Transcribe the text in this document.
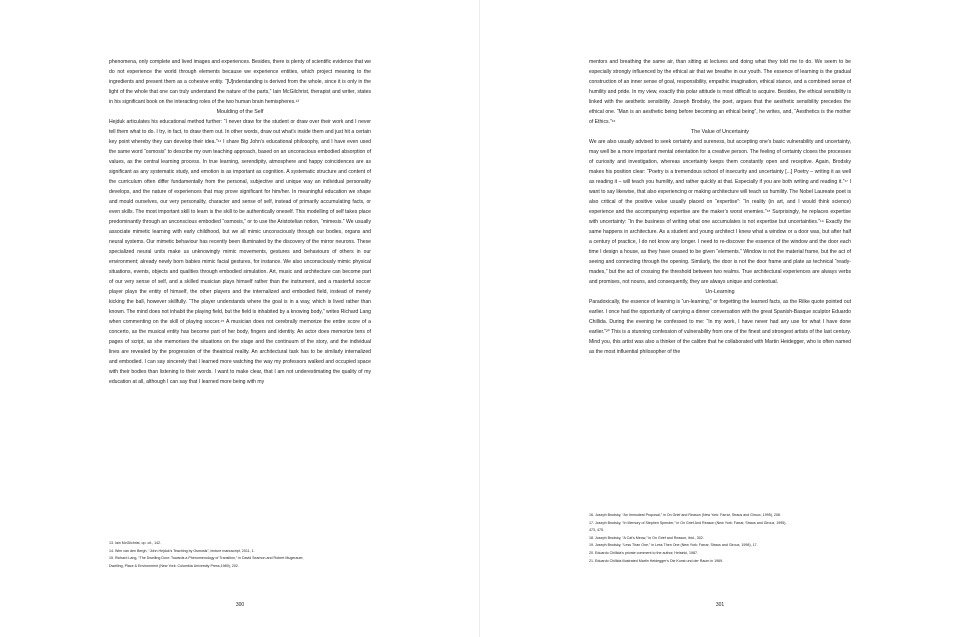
phenomena, only complete and lived images and experiences. Besides, there is plenty of scientific evidence that we do not experience the world through elements because we experience entities, which project meaning to the ingredients and present them as a cohesive entity. “[U]nderstanding is derived from the whole, since it is only in the light of the whole that one can truly understand the nature of the parts,” Iain McGilchrist, therapist and writer, states in his significant book on the interacting roles of the two human brain hemispheres.¹³

Moulding of the Self

Hejduk articulates his educational method further: “I never draw for the student or draw over their work and I never tell them what to do. I try, in fact, to draw them out. In other words, draw out what’s inside them and just hit a certain key point whereby they can develop their idea.”¹⁴ I share Big John’s educational philosophy, and I have even used the same word “osmosis” to describe my own teaching approach, based on an unconscious embodied absorption of values, as the central learning process. In true learning, serendipity, atmosphere and happy coincidences are as significant as any systematic study, and emotion is as important as cognition. A systematic structure and content of the curriculum often differ fundamentally from the personal, subjective and unique way an individual personality develops, and the nature of experiences that may prove significant for him/her. In meaningful education we shape and mould ourselves, our very personality, character and sense of self, instead of primarily accumulating facts, or even skills. The most important skill to learn is the skill to be authentically oneself. This modelling of self takes place predominantly through an unconscious embodied “osmosis,” or to use the Aristotelian notion, “mimesis.” We usually associate mimetic learning with early childhood, but we all mimic unconsciously through our bodies, organs and neural systems. Our mimetic behaviour has recently been illuminated by the discovery of the mirror neurons. These specialized neural units make us unknowingly mimic movements, gestures and behaviours of others in our environment; already newly born babies mimic facial gestures, for instance. We also unconsciously mimic physical situations, events, objects and qualities through embodied simulation. Art, music and architecture can become part of our very sense of self, and a skilled musician plays himself rather than the instrument, and a masterful soccer player plays the entity of himself, the other players and the internalized and embodied field, instead of merely kicking the ball, however skillfully. “The player understands where the goal is in a way, which is lived rather than known. The mind does not inhabit the playing field, but the field is inhabited by a knowing body,” writes Richard Lang when commenting on the skill of playing soccer.¹⁵ A musician does not cerebrally memorize the entire score of a concerto, as the musical entity has become part of her body, fingers and identity. An actor does memorize tens of pages of script, as she memorises the situations on the stage and the continuum of the story, and the individual lines are revealed by the progression of the theatrical reality. An architectural task has to be similarly internalized and embodied. I can say sincerely that I learned more watching the way my professors walked and occupied space with their bodies than listening to their words. I want to make clear, that I am not underestimating the quality of my education at all, although I can say that I learned more being with my

13. Iain McGilchrist, op. cit., 142.
14. Wim van den Bergh, “John Hejduk’s Teaching by Osmosis”, lecture manuscript, 2011, 1.
15. Richard Lang, “The Dwelling Door: Towards a Phenomenology of Transition,” in David Seamon and Robert Mugerauer,
Dwelling, Place & Environment (New York: Columbia University Press,1989), 202.
300

mentors and breathing the same air, than sitting at lectures and doing what they told me to do. We seem to be especially strongly influenced by the ethical air that we breathe in our youth. The essence of learning is the gradual construction of an inner sense of goal, responsibility, empathic imagination, ethical stance, and a combined sense of humility and pride. In my view, exactly this polar attitude is most difficult to acquire. Besides, the ethical sensibility is linked with the aesthetic sensibility. Joseph Brodsky, the poet, argues that the aesthetic sensibility precedes the ethical one. “Man is an aesthetic being before becoming an ethical being”, he writes, and, “Aesthetics is the mother of Ethics.”¹⁶

The Value of Uncertainty

We are also usually advised to seek certainty and sureness, but accepting one’s basic vulnerability and uncertainty, may well be a more important mental orientation for a creative person. The feeling of certainty closes the processes of curiosity and investigation, whereas uncertainty keeps them constantly open and receptive. Again, Brodsky makes his position clear: “Poetry is a tremendous school of insecurity and uncertainty [...] Poetry – writing it as well as reading it – will teach you humility, and rather quickly at that. Especially if you are both writing and reading it.”¹⁷ I want to say likewise, that also experiencing or making architecture will teach us humility. The Nobel Laureate poet is also critical of the positive value usually placed on “expertise”: “In reality (in art, and I would think science) experience and the accompanying expertise are the maker’s worst enemies.”¹⁸ Surprisingly, he replaces expertise with uncertainty: “In the business of writing what one accumulates is not expertise but uncertainties.”¹⁹ Exactly the same happens in architecture. As a student and young architect I knew what a window or a door was, but after half a century of practice, I do not know any longer. I need to re-discover the essence of the window and the door each time I design a house, as they have ceased to be given “elements.” Window is not the material frame, but the act of seeing and connecting through the opening. Similarly, the door is not the door frame and plate as technical “ready-mades,” but the act of crossing the threshold between two realms. True architectural experiences are always verbs and promises, not nouns, and consequently, they are always unique and contextual.

Un-Learning

Paradoxically, the essence of learning is “un-learning,” or forgetting the learned facts, as the Rilke quote pointed out earlier. I once had the opportunity of carrying a dinner conversation with the great Spanish-Basque sculptor Eduardo Chillida. During the evening he confessed to me: “In my work, I have never had any use for what I have done earlier.”²⁰ This is a stunning confession of vulnerability from one of the finest and strongest artists of the last century. Mind you, this artist was also a thinker of the calibre that he collaborated with Martin Heidegger, who is often named as the most influential philosopher of the

16. Joseph Brodsky, “An Immodest Proposal,” in On Grief and Reason (New York: Farrar, Straus and Giroux, 1995), 208.
17. Joseph Brodsky, “In Memory of Stephen Spender,” in On Grief And Reason (New York: Farrar, Straus and Giroux, 1995),
473, 475.
18. Joseph Brodsky, “A Cat’s Meow,” in On Grief and Reason, ibid., 302.
19. Joseph Brodsky, “Less Than One,” in Less Then One (New York: Farrar, Straus and Giroux, 1998), 17.
20. Eduardo Chillida’s private comment to the author, Helsinki, 1987.
21. Eduardo Chillida illustrated Martin Heidegger’s Die Kunst und der Raum in 1969.
301
